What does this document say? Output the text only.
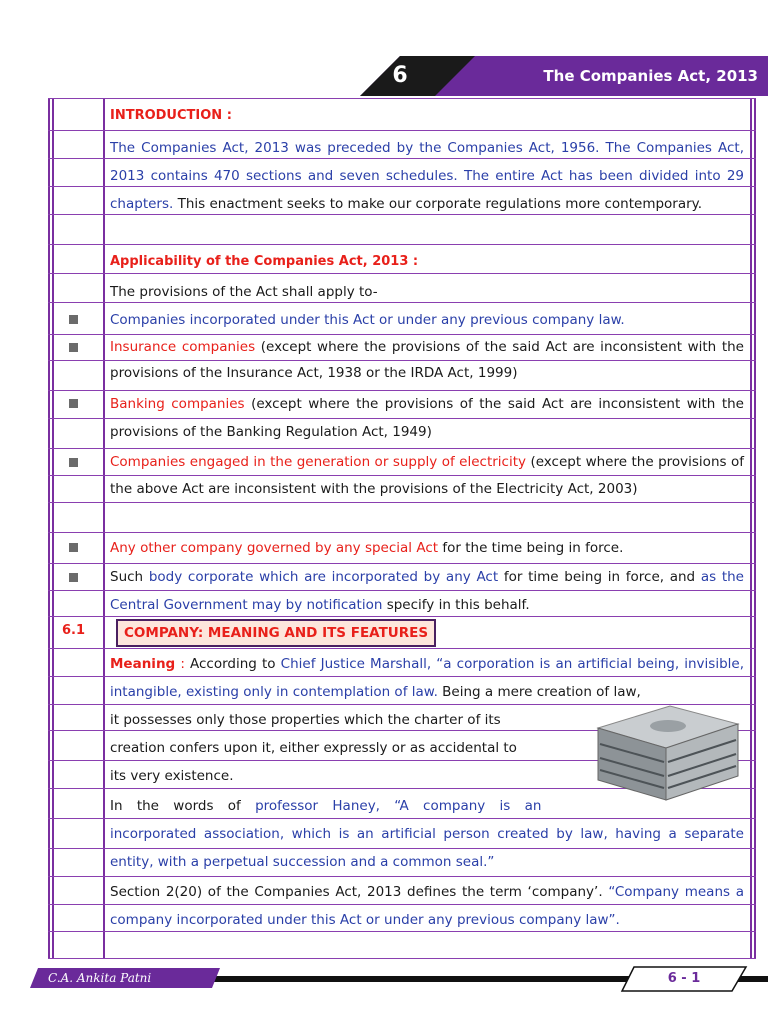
6	The Companies Act, 2013
INTRODUCTION :
The Companies Act, 2013 was preceded by the Companies Act, 1956. The Companies Act, 2013 contains 470 sections and seven schedules. The entire Act has been divided into 29 chapters. This enactment seeks to make our corporate regulations more contemporary.
Applicability of the Companies Act, 2013 :
The provisions of the Act shall apply to-
Companies incorporated under this Act or under any previous company law.
Insurance companies (except where the provisions of the said Act are inconsistent with the provisions of the Insurance Act, 1938 or the IRDA Act, 1999)
Banking companies (except where the provisions of the said Act are inconsistent with the provisions of the Banking Regulation Act, 1949)
Companies engaged in the generation or supply of electricity (except where the provisions of the above Act are inconsistent with the provisions of the Electricity Act, 2003)
Any other company governed by any special Act for the time being in force.
Such body corporate which are incorporated by any Act for time being in force, and as the Central Government may by notification specify in this behalf.
6.1	COMPANY: MEANING AND ITS FEATURES
Meaning : According to Chief Justice Marshall, “a corporation is an artificial being, invisible, intangible, existing only in contemplation of law. Being a mere creation of law,
it possesses only those properties which the charter of its
creation confers upon it, either expressly or as accidental to
its very existence.
In the words of professor Haney, “A company is an
incorporated association, which is an artificial person created by law, having a separate entity, with a perpetual succession and a common seal.”
Section 2(20) of the Companies Act, 2013 defines the term ‘company’. “Company means a company incorporated under this Act or under any previous company law”.
C.A. Ankita Patni	6 - 1
